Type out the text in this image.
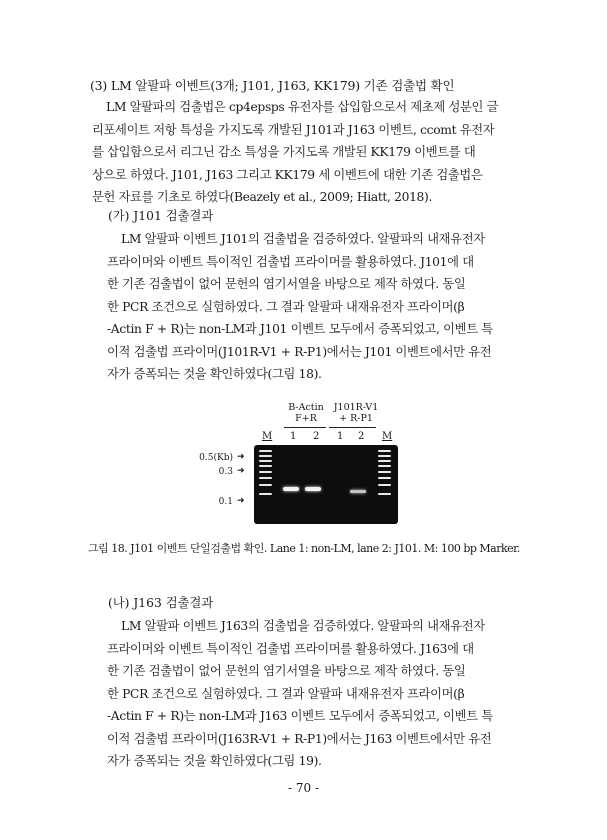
(3) LM 알팔파 이벤트(3개; J101, J163, KK179) 기존 검출법 확인
LM 알팔파의 검출법은 cp4epsps 유전자를 삽입함으로서 제초제 성분인 글
리포세이트 저항 특성을 가지도록 개발된 J101과 J163 이벤트, ccomt 유전자
를 삽입함으로서 리그닌 감소 특성을 가지도록 개발된 KK179 이벤트를 대
상으로 하였다. J101, J163 그리고 KK179 세 이벤트에 대한 기존 검출법은
문헌 자료를 기초로 하였다(Beazely et al., 2009; Hiatt, 2018).
(가) J101 검출결과
LM 알팔파 이벤트 J101의 검출법을 검증하였다. 알팔파의 내재유전자
프라이머와 이벤트 특이적인 검출법 프라이머를 활용하였다. J101에 대
한 기존 검출법이 없어 문헌의 염기서열을 바탕으로 제작 하였다. 동일
한 PCR 조건으로 실험하였다. 그 결과 알팔파 내재유전자 프라이머(β
-Actin F + R)는 non-LM과 J101 이벤트 모두에서 증폭되었고, 이벤트 특
이적 검출법 프라이머(J101R-V1 + R-P1)에서는 J101 이벤트에서만 유전
자가 증폭되는 것을 확인하였다(그림 18).
B-Actin
F+R
J101R-V1
+ R-P1
M 1 2 1 2 M
0.5(Kb)
0.3
0.1
➜
➜
➜
그림 18. J101 이벤트 단일검출법 확인. Lane 1: non-LM, lane 2: J101. M: 100 bp Marker.
(나) J163 검출결과
LM 알팔파 이벤트 J163의 검출법을 검증하였다. 알팔파의 내재유전자
프라이머와 이벤트 특이적인 검출법 프라이머를 활용하였다. J163에 대
한 기존 검출법이 없어 문헌의 염기서열을 바탕으로 제작 하였다. 동일
한 PCR 조건으로 실험하였다. 그 결과 알팔파 내재유전자 프라이머(β
-Actin F + R)는 non-LM과 J163 이벤트 모두에서 증폭되었고, 이벤트 특
이적 검출법 프라이머(J163R-V1 + R-P1)에서는 J163 이벤트에서만 유전
자가 증폭되는 것을 확인하였다(그림 19).
- 70 -
